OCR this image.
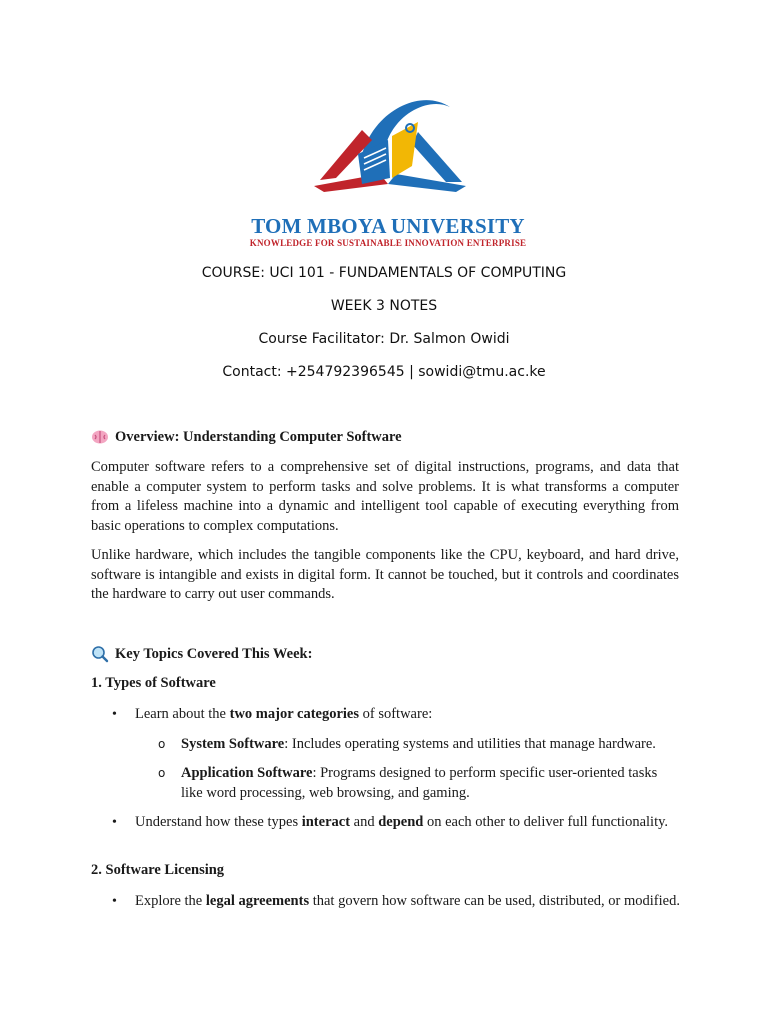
TOM MBOYA UNIVERSITY
KNOWLEDGE FOR SUSTAINABLE INNOVATION ENTERPRISE
COURSE: UCI 101 - FUNDAMENTALS OF COMPUTING
WEEK 3 NOTES
Course Facilitator: Dr. Salmon Owidi
Contact: +254792396545 | sowidi@tmu.ac.ke
Overview: Understanding Computer Software

Computer software refers to a comprehensive set of digital instructions, programs, and data that enable a computer system to perform tasks and solve problems. It is what transforms a computer from a lifeless machine into a dynamic and intelligent tool capable of executing everything from basic operations to complex computations.

Unlike hardware, which includes the tangible components like the CPU, keyboard, and hard drive, software is intangible and exists in digital form. It cannot be touched, but it controls and coordinates the hardware to carry out user commands.

Key Topics Covered This Week:
1. Types of Software
• Learn about the two major categories of software:
o System Software: Includes operating systems and utilities that manage hardware.
o Application Software: Programs designed to perform specific user-oriented tasks like word processing, web browsing, and gaming.
• Understand how these types interact and depend on each other to deliver full functionality.
2. Software Licensing
• Explore the legal agreements that govern how software can be used, distributed, or modified.
